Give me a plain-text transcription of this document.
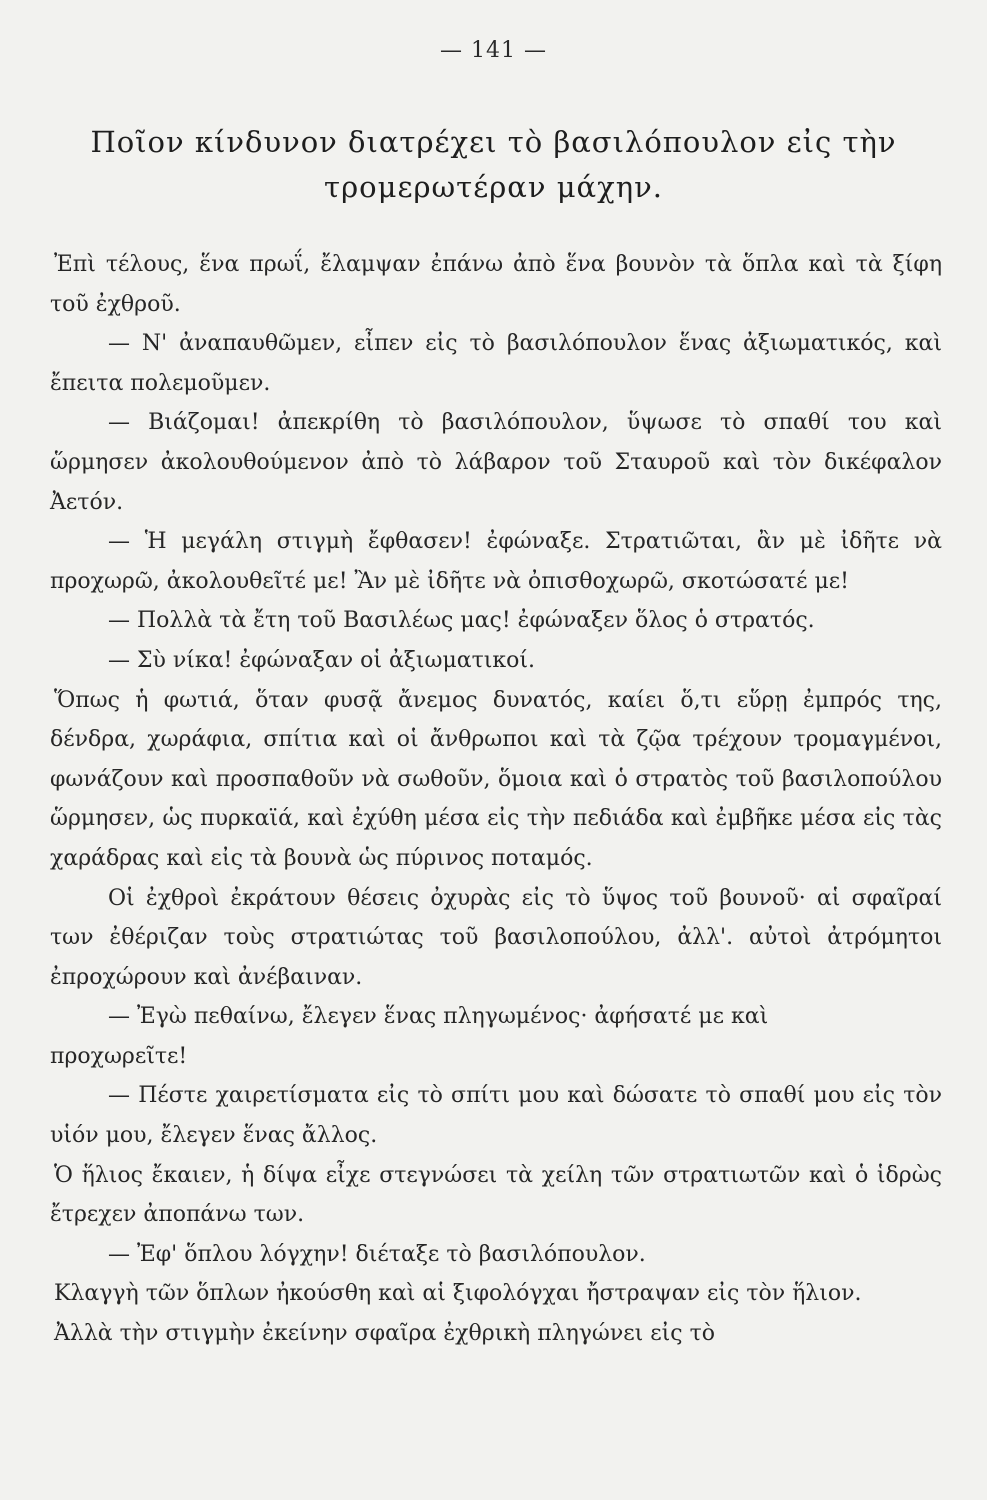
— 141 —
Ποῖον κίνδυνον διατρέχει τὸ βασιλόπουλον εἰς τὴν τρομερωτέραν μάχην.

Ἐπὶ τέλους, ἕνα πρωΐ, ἔλαμψαν ἐπάνω ἀπὸ ἕνα βουνὸν τὰ ὅπλα καὶ τὰ ξίφη τοῦ ἐχθροῦ.

— Ν' ἀναπαυθῶμεν, εἶπεν εἰς τὸ βασιλόπουλον ἕνας ἀξιωματικός, καὶ ἔπειτα πολεμοῦμεν.

— Βιάζομαι! ἀπεκρίθη τὸ βασιλόπουλον, ὕψωσε τὸ σπαθί του καὶ ὥρμησεν ἀκολουθούμενον ἀπὸ τὸ λάβαρον τοῦ Σταυροῦ καὶ τὸν δικέφαλον Ἀετόν.

— Ἡ μεγάλη στιγμὴ ἔφθασεν! ἐφώναξε. Στρατιῶται, ἂν μὲ ἰδῆτε νὰ προχωρῶ, ἀκολουθεῖτέ με! Ἂν μὲ ἰδῆτε νὰ ὀπισθοχωρῶ, σκοτώσατέ με!

— Πολλὰ τὰ ἔτη τοῦ Βασιλέως μας! ἐφώναξεν ὅλος ὁ στρατός.

— Σὺ νίκα! ἐφώναξαν οἱ ἀξιωματικοί.

Ὅπως ἡ φωτιά, ὅταν φυσᾷ ἄνεμος δυνατός, καίει ὅ,τι εὕρῃ ἐμπρός της, δένδρα, χωράφια, σπίτια καὶ οἱ ἄνθρωποι καὶ τὰ ζῷα τρέχουν τρομαγμένοι, φωνάζουν καὶ προσπαθοῦν νὰ σωθοῦν, ὅμοια καὶ ὁ στρατὸς τοῦ βασιλοπούλου ὥρμησεν, ὡς πυρκαϊά, καὶ ἐχύθη μέσα εἰς τὴν πεδιάδα καὶ ἐμβῆκε μέσα εἰς τὰς χαράδρας καὶ εἰς τὰ βουνὰ ὡς πύρινος ποταμός.

Οἱ ἐχθροὶ ἐκράτουν θέσεις ὀχυρὰς εἰς τὸ ὕψος τοῦ βουνοῦ· αἱ σφαῖραί των ἐθέριζαν τοὺς στρατιώτας τοῦ βασιλοπούλου, ἀλλ'. αὐτοὶ ἀτρόμητοι ἐπροχώρουν καὶ ἀνέβαιναν.

— Ἐγὼ πεθαίνω, ἔλεγεν ἕνας πληγωμένος· ἀφήσατέ με καὶ

προχωρεῖτε!

— Πέστε χαιρετίσματα εἰς τὸ σπίτι μου καὶ δώσατε τὸ σπαθί μου εἰς τὸν υἱόν μου, ἔλεγεν ἕνας ἄλλος.

Ὁ ἥλιος ἔκαιεν, ἡ δίψα εἶχε στεγνώσει τὰ χείλη τῶν στρατιωτῶν καὶ ὁ ἱδρὼς ἔτρεχεν ἀποπάνω των.

— Ἐφ' ὅπλου λόγχην! διέταξε τὸ βασιλόπουλον.

Κλαγγὴ τῶν ὅπλων ἠκούσθη καὶ αἱ ξιφολόγχαι ἤστραψαν εἰς τὸν ἥλιον.

Ἀλλὰ τὴν στιγμὴν ἐκείνην σφαῖρα ἐχθρικὴ πληγώνει εἰς τὸ
